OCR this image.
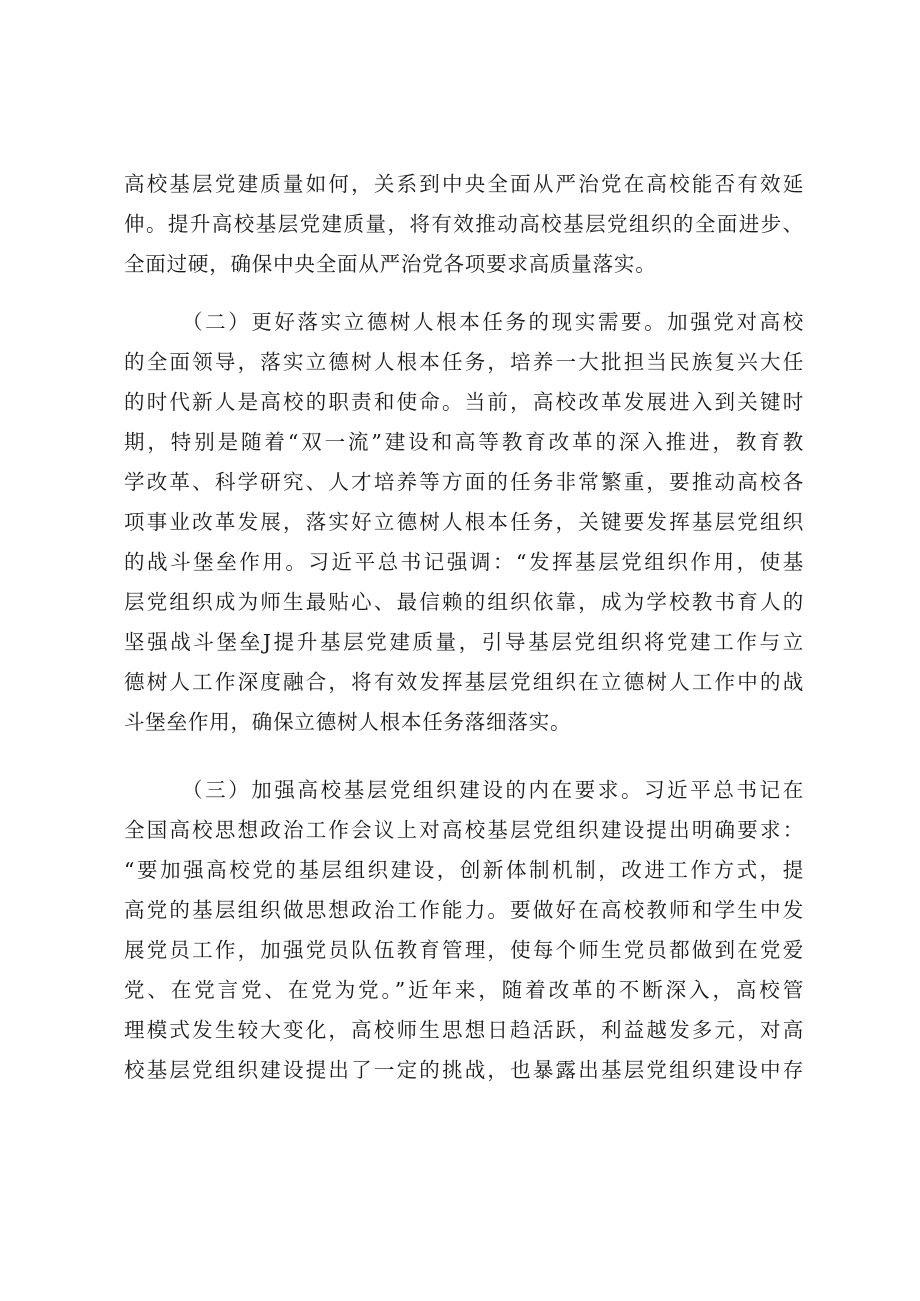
高校基层党建质量如何，关系到中央全面从严治党在高校能否有效延
伸。提升高校基层党建质量，将有效推动高校基层党组织的全面进步、
全面过硬，确保中央全面从严治党各项要求高质量落实。
（二）更好落实立德树人根本任务的现实需要。加强党对高校
的全面领导，落实立德树人根本任务，培养一大批担当民族复兴大任
的时代新人是高校的职责和使命。当前，高校改革发展进入到关键时
期，特别是随着“双一流”建设和高等教育改革的深入推进，教育教
学改革、科学研究、人才培养等方面的任务非常繁重，要推动高校各
项事业改革发展，落实好立德树人根本任务，关键要发挥基层党组织
的战斗堡垒作用。习近平总书记强调：“发挥基层党组织作用，使基
层党组织成为师生最贴心、最信赖的组织依靠，成为学校教书育人的
坚强战斗堡垒J提升基层党建质量，引导基层党组织将党建工作与立
德树人工作深度融合，将有效发挥基层党组织在立德树人工作中的战
斗堡垒作用，确保立德树人根本任务落细落实。
（三）加强高校基层党组织建设的内在要求。习近平总书记在
全国高校思想政治工作会议上对高校基层党组织建设提出明确要求：
“要加强高校党的基层组织建设，创新体制机制，改进工作方式，提
高党的基层组织做思想政治工作能力。要做好在高校教师和学生中发
展党员工作，加强党员队伍教育管理，使每个师生党员都做到在党爱
党、在党言党、在党为党。”近年来，随着改革的不断深入，高校管
理模式发生较大变化，高校师生思想日趋活跃，利益越发多元，对高
校基层党组织建设提出了一定的挑战，也暴露出基层党组织建设中存
